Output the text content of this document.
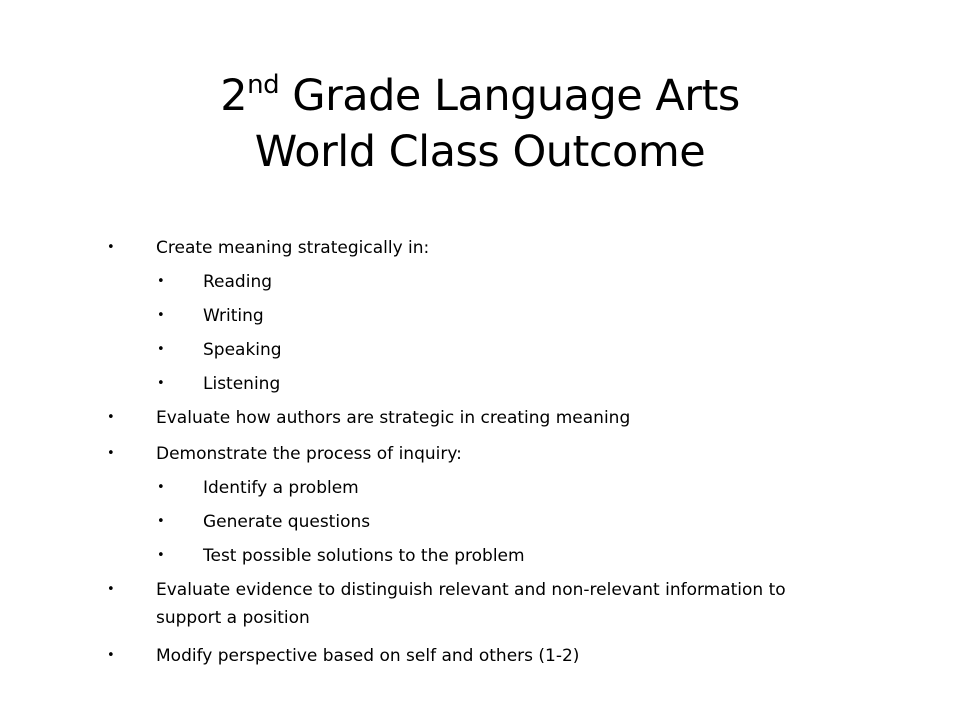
2nd Grade Language Arts
World Class Outcome
• Create meaning strategically in:
• Reading
• Writing
• Speaking
• Listening
• Evaluate how authors are strategic in creating meaning
• Demonstrate the process of inquiry:
• Identify a problem
• Generate questions
• Test possible solutions to the problem
• Evaluate evidence to distinguish relevant and non-relevant information to
support a position
• Modify perspective based on self and others (1-2)
